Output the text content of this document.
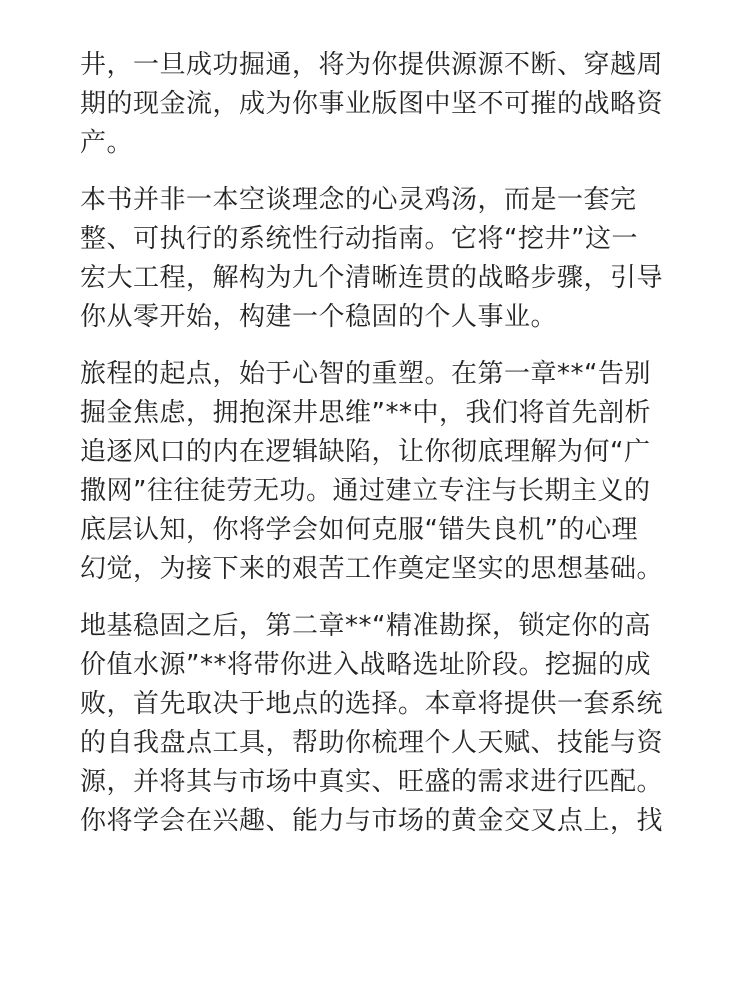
井，一旦成功掘通，将为你提供源源不断、穿越周
期的现金流，成为你事业版图中坚不可摧的战略资
产。
本书并非一本空谈理念的心灵鸡汤，而是一套完
整、可执行的系统性行动指南。它将“挖井”这一
宏大工程，解构为九个清晰连贯的战略步骤，引导
你从零开始，构建一个稳固的个人事业。
旅程的起点，始于心智的重塑。在第一章**“告别
掘金焦虑，拥抱深井思维”**中，我们将首先剖析
追逐风口的内在逻辑缺陷，让你彻底理解为何“广
撒网”往往徒劳无功。通过建立专注与长期主义的
底层认知，你将学会如何克服“错失良机”的心理
幻觉，为接下来的艰苦工作奠定坚实的思想基础。
地基稳固之后，第二章**“精准勘探，锁定你的高
价值水源”**将带你进入战略选址阶段。挖掘的成
败，首先取决于地点的选择。本章将提供一套系统
的自我盘点工具，帮助你梳理个人天赋、技能与资
源，并将其与市场中真实、旺盛的需求进行匹配。
你将学会在兴趣、能力与市场的黄金交叉点上，找
